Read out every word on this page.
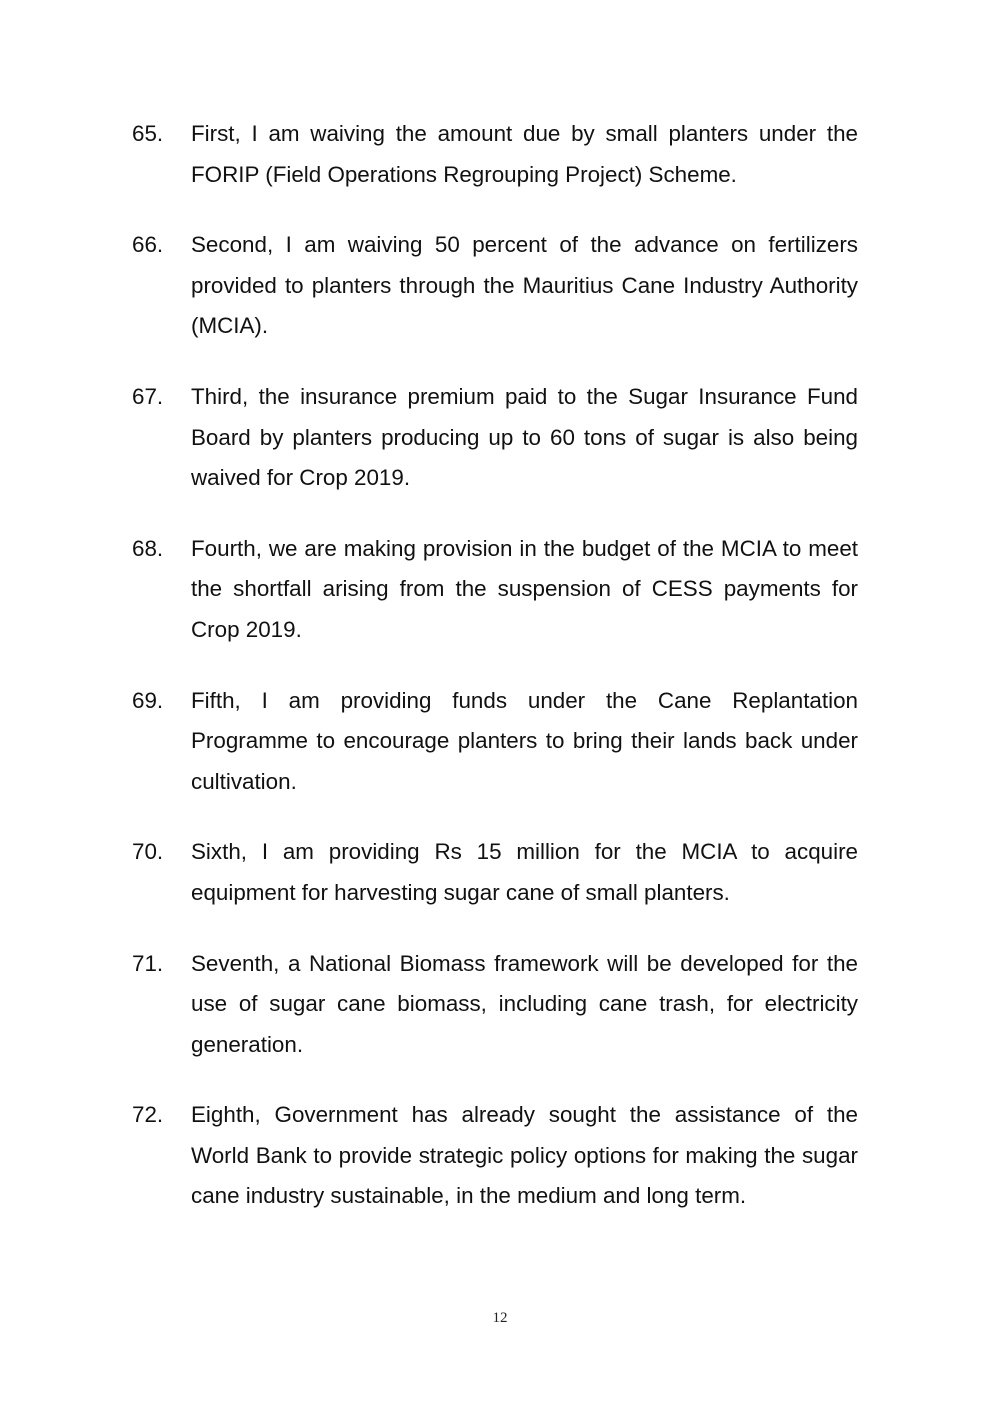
65.	First, I am waiving the amount due by small planters under the FORIP (Field Operations Regrouping Project) Scheme.
66.	Second, I am waiving 50 percent of the advance on fertilizers provided to planters through the Mauritius Cane Industry Authority (MCIA).
67.	Third, the insurance premium paid to the Sugar Insurance Fund Board by planters producing up to 60 tons of sugar is also being waived for Crop 2019.
68.	Fourth, we are making provision in the budget of the MCIA to meet the shortfall arising from the suspension of CESS payments for Crop 2019.
69.	Fifth, I am providing funds under the Cane Replantation Programme to encourage planters to bring their lands back under cultivation.
70.	Sixth, I am providing Rs 15 million for the MCIA to acquire equipment for harvesting sugar cane of small planters.
71.	Seventh, a National Biomass framework will be developed for the use of sugar cane biomass, including cane trash, for electricity generation.
72.	Eighth, Government has already sought the assistance of the World Bank to provide strategic policy options for making the sugar cane industry sustainable, in the medium and long term.
12
